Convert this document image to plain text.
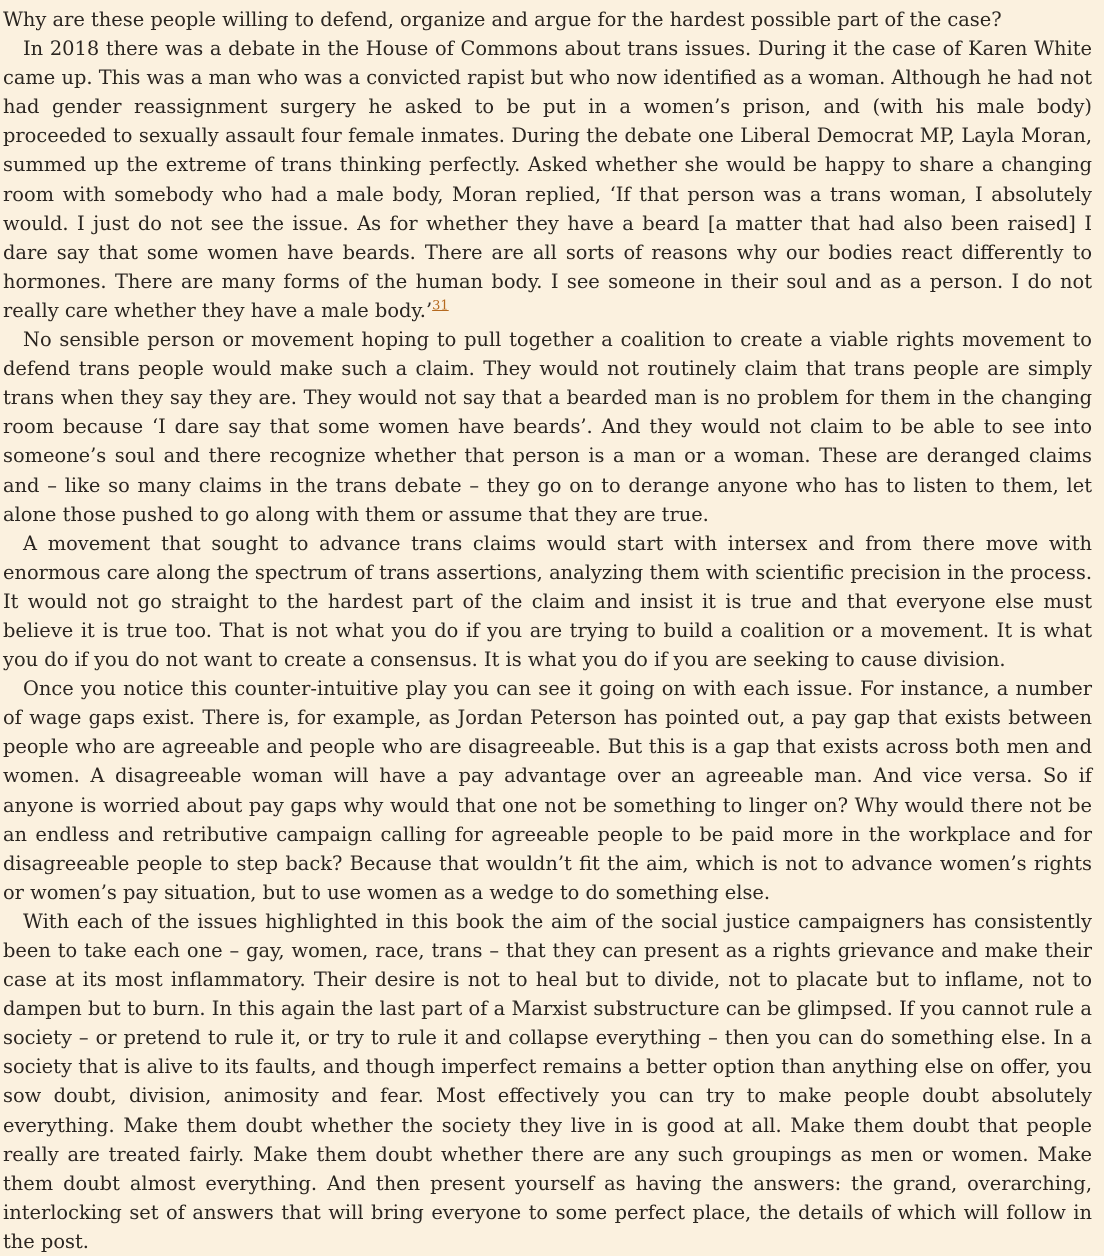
Why are these people willing to defend, organize and argue for the hardest possible part of the case?

In 2018 there was a debate in the House of Commons about trans issues. During it the case of Karen White came up. This was a man who was a convicted rapist but who now identified as a woman. Although he had not had gender reassignment surgery he asked to be put in a women’s prison, and (with his male body) proceeded to sexually assault four female inmates. During the debate one Liberal Democrat MP, Layla Moran, summed up the extreme of trans thinking perfectly. Asked whether she would be happy to share a changing room with somebody who had a male body, Moran replied, ‘If that person was a trans woman, I absolutely would. I just do not see the issue. As for whether they have a beard [a matter that had also been raised] I dare say that some women have beards. There are all sorts of reasons why our bodies react differently to hormones. There are many forms of the human body. I see someone in their soul and as a person. I do not really care whether they have a male body.’$^{31}$

No sensible person or movement hoping to pull together a coalition to create a viable rights movement to defend trans people would make such a claim. They would not routinely claim that trans people are simply trans when they say they are. They would not say that a bearded man is no problem for them in the changing room because ‘I dare say that some women have beards’. And they would not claim to be able to see into someone’s soul and there recognize whether that person is a man or a woman. These are deranged claims and – like so many claims in the trans debate – they go on to derange anyone who has to listen to them, let alone those pushed to go along with them or assume that they are true.

A movement that sought to advance trans claims would start with intersex and from there move with enormous care along the spectrum of trans assertions, analyzing them with scientific precision in the process. It would not go straight to the hardest part of the claim and insist it is true and that everyone else must believe it is true too. That is not what you do if you are trying to build a coalition or a movement. It is what you do if you do not want to create a consensus. It is what you do if you are seeking to cause division.

Once you notice this counter-intuitive play you can see it going on with each issue. For instance, a number of wage gaps exist. There is, for example, as Jordan Peterson has pointed out, a pay gap that exists between people who are agreeable and people who are disagreeable. But this is a gap that exists across both men and women. A disagreeable woman will have a pay advantage over an agreeable man. And vice versa. So if anyone is worried about pay gaps why would that one not be something to linger on? Why would there not be an endless and retributive campaign calling for agreeable people to be paid more in the workplace and for disagreeable people to step back? Because that wouldn’t fit the aim, which is not to advance women’s rights or women’s pay situation, but to use women as a wedge to do something else.

With each of the issues highlighted in this book the aim of the social justice campaigners has consistently been to take each one – gay, women, race, trans – that they can present as a rights grievance and make their case at its most inflammatory. Their desire is not to heal but to divide, not to placate but to inflame, not to dampen but to burn. In this again the last part of a Marxist substructure can be glimpsed. If you cannot rule a society – or pretend to rule it, or try to rule it and collapse everything – then you can do something else. In a society that is alive to its faults, and though imperfect remains a better option than anything else on offer, you sow doubt, division, animosity and fear. Most effectively you can try to make people doubt absolutely everything. Make them doubt whether the society they live in is good at all. Make them doubt that people really are treated fairly. Make them doubt whether there are any such groupings as men or women. Make them doubt almost everything. And then present yourself as having the answers: the grand, overarching, interlocking set of answers that will bring everyone to some perfect place, the details of which will follow in the post.
